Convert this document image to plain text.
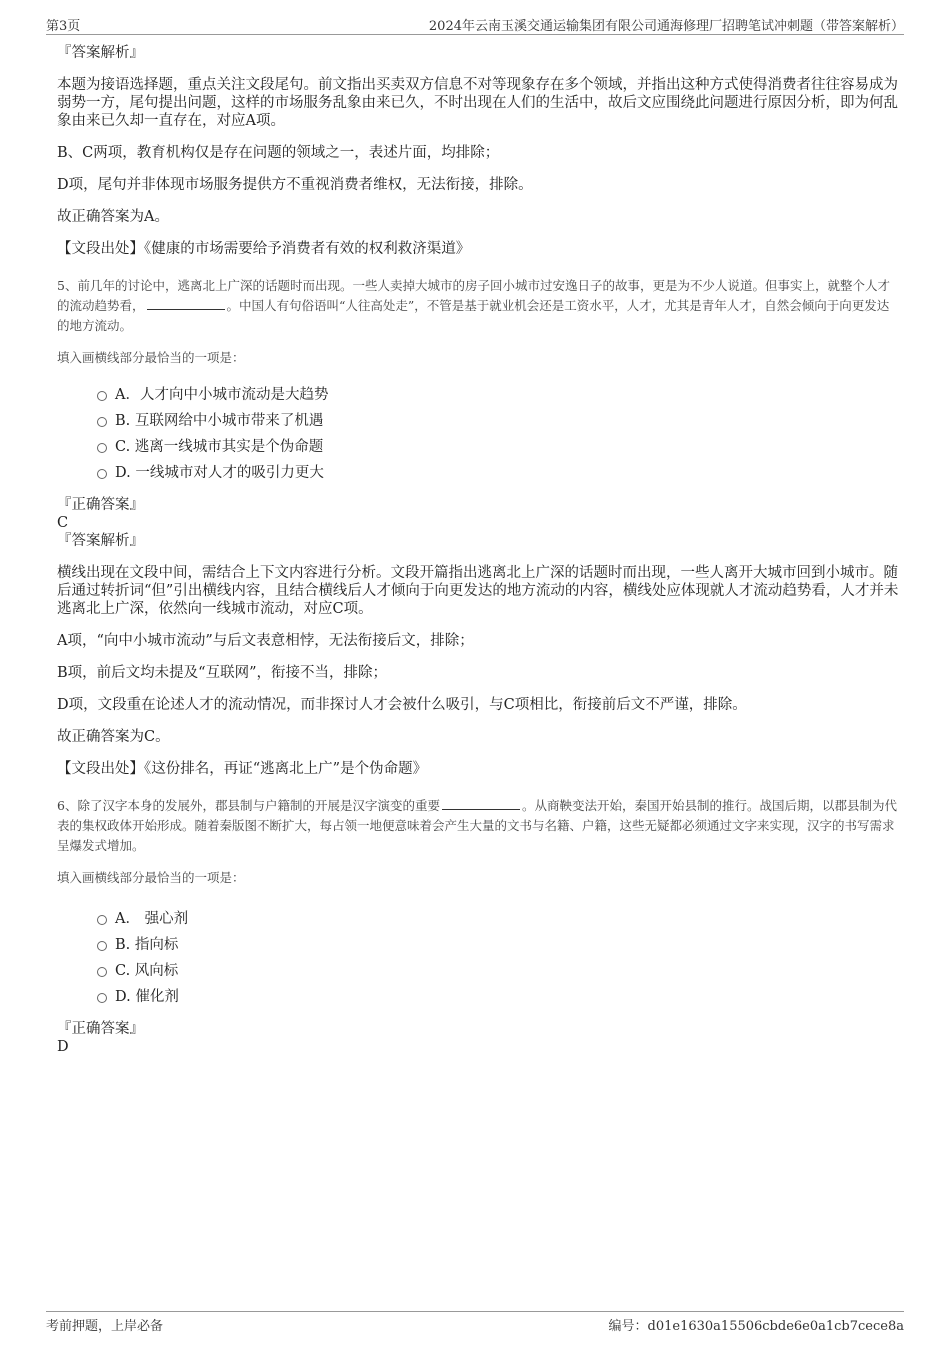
第3页	2024年云南玉溪交通运输集团有限公司通海修理厂招聘笔试冲刺题（带答案解析）

『答案解析』

本题为接语选择题，重点关注文段尾句。前文指出买卖双方信息不对等现象存在多个领域，并指出这种方式使得消费者往往容易成为弱势一方，尾句提出问题，这样的市场服务乱象由来已久，不时出现在人们的生活中，故后文应围绕此问题进行原因分析，即为何乱象由来已久却一直存在，对应A项。

B、C两项，教育机构仅是存在问题的领域之一，表述片面，均排除；

D项，尾句并非体现市场服务提供方不重视消费者维权，无法衔接，排除。

故正确答案为A。

【文段出处】《健康的市场需要给予消费者有效的权利救济渠道》

5、前几年的讨论中，逃离北上广深的话题时而出现。一些人卖掉大城市的房子回小城市过安逸日子的故事，更是为不少人说道。但事实上，就整个人才的流动趋势看，	。中国人有句俗语叫“人往高处走”，不管是基于就业机会还是工资水平，人才，尤其是青年人才，自然会倾向于向更发达的地方流动。

填入画横线部分最恰当的一项是：

A．人才向中小城市流动是大趋势
B. 互联网给中小城市带来了机遇
C. 逃离一线城市其实是个伪命题
D. 一线城市对人才的吸引力更大

『正确答案』

C

『答案解析』

横线出现在文段中间，需结合上下文内容进行分析。文段开篇指出逃离北上广深的话题时而出现，一些人离开大城市回到小城市。随后通过转折词“但”引出横线内容，且结合横线后人才倾向于向更发达的地方流动的内容，横线处应体现就人才流动趋势看，人才并未逃离北上广深，依然向一线城市流动，对应C项。

A项，“向中小城市流动”与后文表意相悖，无法衔接后文，排除；

B项，前后文均未提及“互联网”，衔接不当，排除；

D项，文段重在论述人才的流动情况，而非探讨人才会被什么吸引，与C项相比，衔接前后文不严谨，排除。

故正确答案为C。

【文段出处】《这份排名，再证“逃离北上广”是个伪命题》

6、除了汉字本身的发展外，郡县制与户籍制的开展是汉字演变的重要	。从商鞅变法开始，秦国开始县制的推行。战国后期，以郡县制为代表的集权政体开始形成。随着秦版图不断扩大，每占领一地便意味着会产生大量的文书与名籍、户籍，这些无疑都必须通过文字来实现，汉字的书写需求呈爆发式增加。

填入画横线部分最恰当的一项是：

A． 强心剂
B. 指向标
C. 风向标
D. 催化剂

『正确答案』

D

考前押题，上岸必备	编号：d01e1630a15506cbde6e0a1cb7cece8a
